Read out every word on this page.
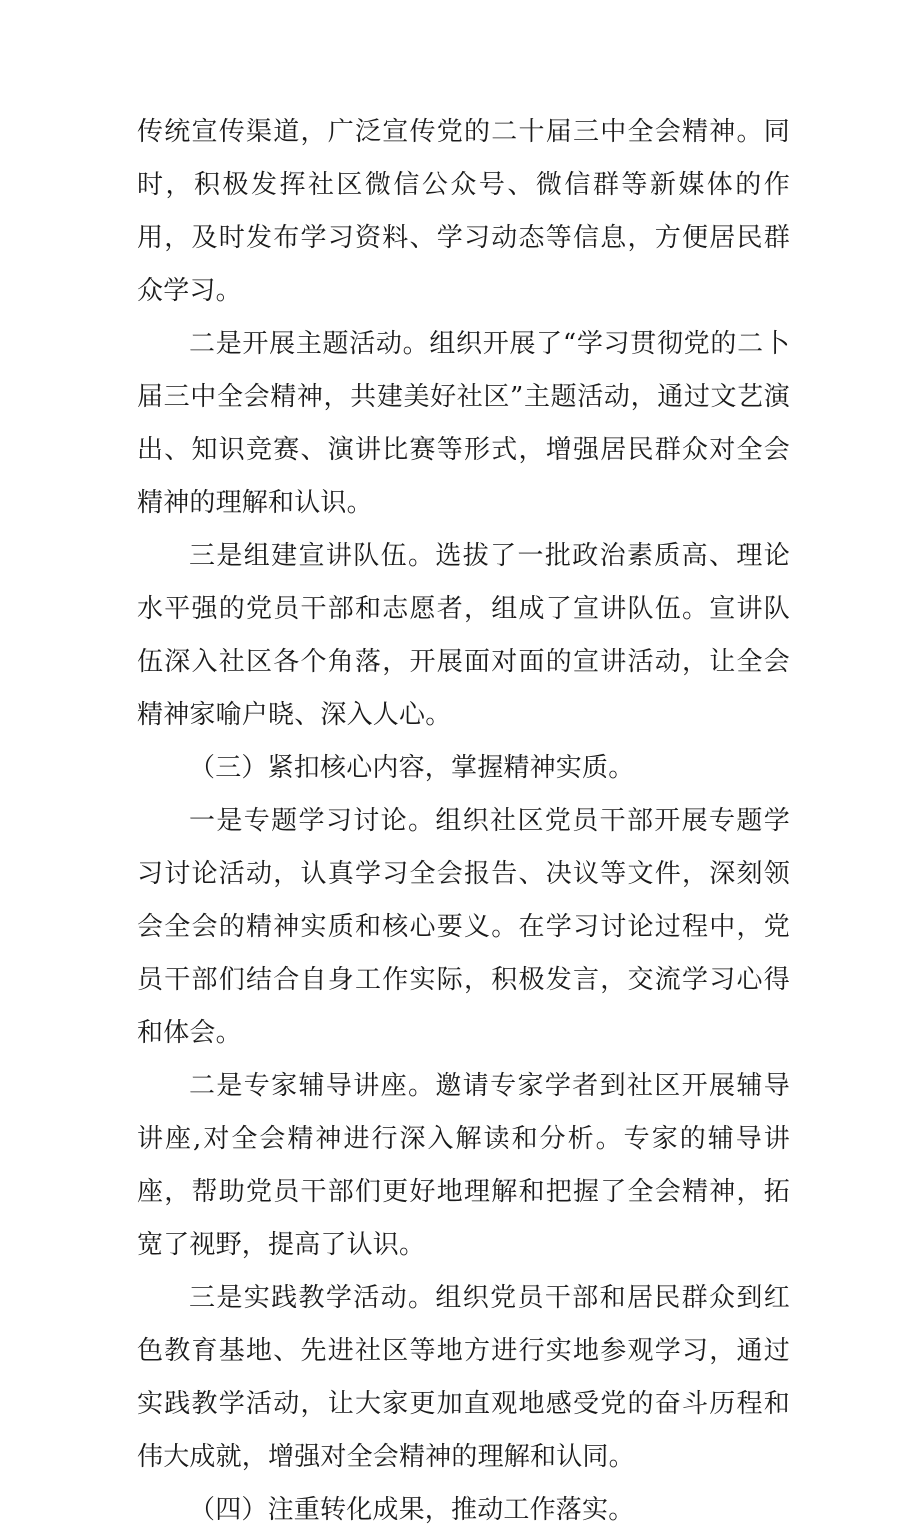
传统宣传渠道，广泛宣传党的二十届三中全会精神。同时，积极发挥社区微信公众号、微信群等新媒体的作用，及时发布学习资料、学习动态等信息，方便居民群众学习。

二是开展主题活动。组织开展了“学习贯彻党的二卜届三中全会精神，共建美好社区”主题活动，通过文艺演出、知识竞赛、演讲比赛等形式，增强居民群众对全会精神的理解和认识。

三是组建宣讲队伍。选拔了一批政治素质高、理论水平强的党员干部和志愿者，组成了宣讲队伍。宣讲队伍深入社区各个角落，开展面对面的宣讲活动，让全会精神家喻户晓、深入人心。

（三）紧扣核心内容，掌握精神实质。

一是专题学习讨论。组织社区党员干部开展专题学习讨论活动，认真学习全会报告、决议等文件，深刻领会全会的精神实质和核心要义。在学习讨论过程中，党员干部们结合自身工作实际，积极发言，交流学习心得和体会。

二是专家辅导讲座。邀请专家学者到社区开展辅导讲座,对全会精神进行深入解读和分析。专家的辅导讲座，帮助党员干部们更好地理解和把握了全会精神，拓宽了视野，提高了认识。

三是实践教学活动。组织党员干部和居民群众到红色教育基地、先进社区等地方进行实地参观学习，通过实践教学活动，让大家更加直观地感受党的奋斗历程和伟大成就，增强对全会精神的理解和认同。

（四）注重转化成果，推动工作落实。
